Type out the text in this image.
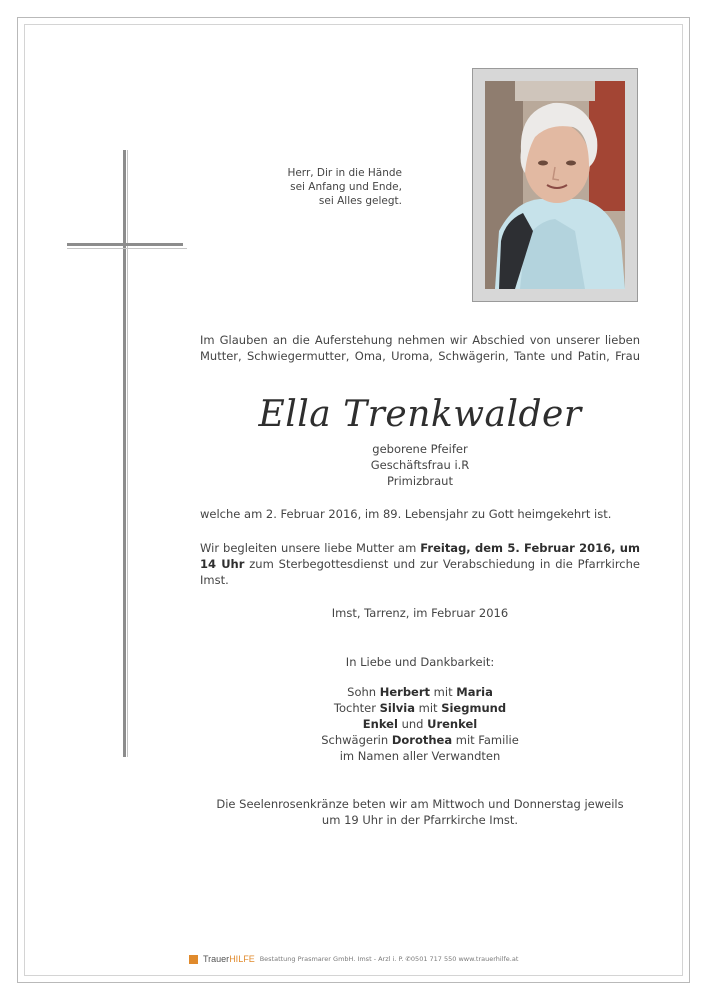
Herr, Dir in die Hände
sei Anfang und Ende,
sei Alles gelegt.
Im Glauben an die Auferstehung nehmen wir Abschied von unserer lieben
Mutter, Schwiegermutter, Oma, Uroma, Schwägerin, Tante und Patin, Frau
Ella Trenkwalder
geborene Pfeifer
Geschäftsfrau i.R
Primizbraut
welche am 2. Februar 2016, im 89. Lebensjahr zu Gott heimgekehrt ist.
Wir begleiten unsere liebe Mutter am Freitag, dem 5. Februar 2016, um
14 Uhr zum Sterbegottesdienst und zur Verabschiedung in die Pfarrkirche
Imst.
Imst, Tarrenz, im Februar 2016
In Liebe und Dankbarkeit:
Sohn Herbert mit Maria
Tochter Silvia mit Siegmund
Enkel und Urenkel
Schwägerin Dorothea mit Familie
im Namen aller Verwandten
Die Seelenrosenkränze beten wir am Mittwoch und Donnerstag jeweils
um 19 Uhr in der Pfarrkirche Imst.
TrauerHILFE Bestattung Prasmarer GmbH. Imst - Arzl i. P. ✆0501 717 550 www.trauerhilfe.at
